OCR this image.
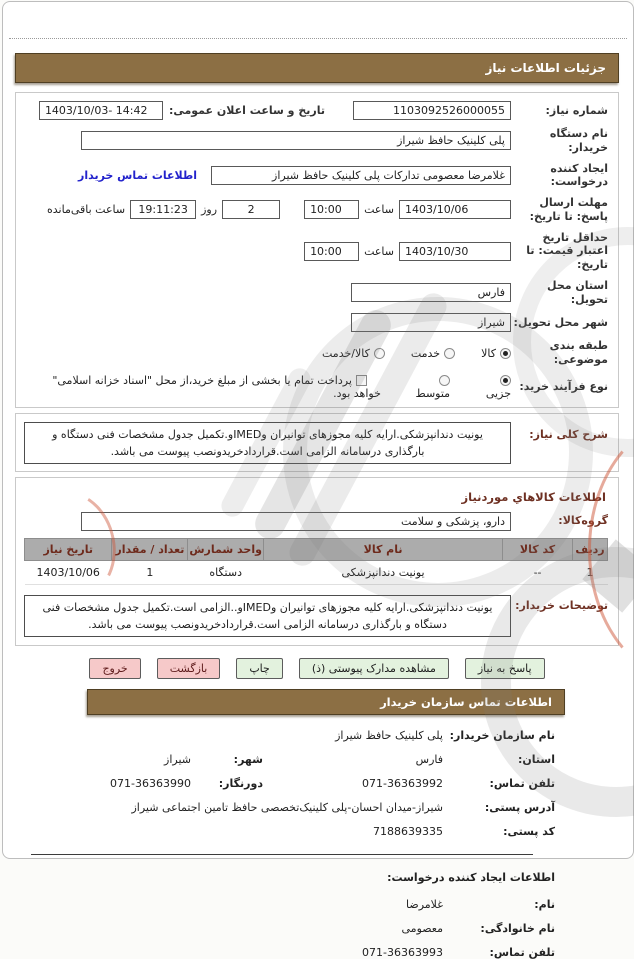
جزئیات اطلاعات نیاز
شماره نیاز:
1103092526000055
تاریخ و ساعت اعلان عمومی:
1403/10/03- 14:42
نام دستگاه خریدار:
پلی کلینیک حافظ شیراز
ایجاد کننده درخواست:
غلامرضا معصومی تدارکات پلی کلینیک حافظ شیراز
اطلاعات تماس خریدار
مهلت ارسال پاسخ: تا تاریخ:
1403/10/06
ساعت
10:00
2
روز
19:11:23
ساعت باقی‌مانده
حداقل تاریخ اعتبار قیمت: تا تاریخ:
1403/10/30
ساعت
10:00
استان محل تحویل:
فارس
شهر محل تحویل:
شیراز
طبقه بندی موضوعی:
کالا
خدمت
کالا/خدمت
نوع فرآیند خرید:
جزیی
متوسط
پرداخت تمام یا بخشی از مبلغ خرید،از محل "اسناد خزانه اسلامی" خواهد بود.
شرح کلی نیاز:
یونیت دندانپزشکی.ارایه کلیه مجوزهای توانیران وIMEDو.تکمیل جدول مشخصات فنی دستگاه و بارگذاری درسامانه الزامی است.قراردادخریدونصب پیوست می باشد.
اطلاعات کالاهاي موردنیاز
گروه‌کالا:
دارو، پزشکی و سلامت
ردیف	کد کالا	نام کالا	واحد شمارش	تعداد / مقدار	تاریخ نیاز
1	--	یونیت دندانپزشکی	دستگاه	1	1403/10/06
توضیحات خریدار:
یونیت دندانپزشکی.ارایه کلیه مجوزهای توانیران وIMEDو..الزامی است.تکمیل جدول مشخصات فنی دستگاه و بارگذاری درسامانه الزامی است.قراردادخریدونصب پیوست می باشد.
پاسخ به نیاز
مشاهده مدارک پیوستی (ذ)
چاپ
بازگشت
خروج
اطلاعات تماس سازمان خریدار
نام سازمان خریدار:
پلی کلینیک حافظ شیراز
استان:
فارس
شهر:
شیراز
تلفن تماس:
071-36363992
دورنگار:
071-36363990
آدرس پستی:
شیراز-میدان احسان-پلی کلینیک‌تخصصی حافظ تامین اجتماعی شیراز
کد پستی:
7188639335
اطلاعات ایجاد کننده درخواست:
نام:
غلامرضا
نام خانوادگی:
معصومی
تلفن تماس:
071-36363993
